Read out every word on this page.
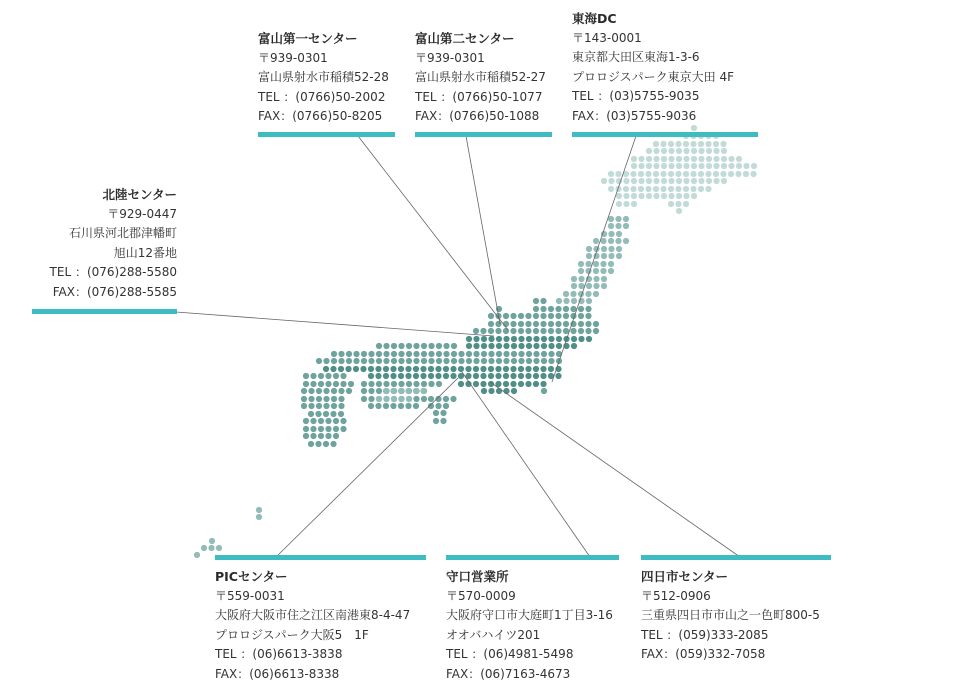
富山第一センター
〒939-0301
富山県射水市稲積52-28
TEL ：(0766)50-2002
FAX：(0766)50-8205
富山第二センター
〒939-0301
富山県射水市稲積52-27
TEL ：(0766)50-1077
FAX：(0766)50-1088
東海DC
〒143-0001
東京都大田区東海1-3-6
プロロジスパーク東京大田 4F
TEL ：(03)5755-9035
FAX：(03)5755-9036
北陸センター
〒929-0447
石川県河北郡津幡町
旭山12番地
TEL ：(076)288-5580
FAX：(076)288-5585
PICセンター
〒559-0031
大阪府大阪市住之江区南港東8-4-47
プロロジスパーク大阪5　1F
TEL ：(06)6613-3838
FAX：(06)6613-8338
守口営業所
〒570-0009
大阪府守口市大庭町1丁目3-16
オオバハイツ201
TEL ：(06)4981-5498
FAX：(06)7163-4673
四日市センター
〒512-0906
三重県四日市市山之一色町800-5
TEL ：(059)333-2085
FAX：(059)332-7058
